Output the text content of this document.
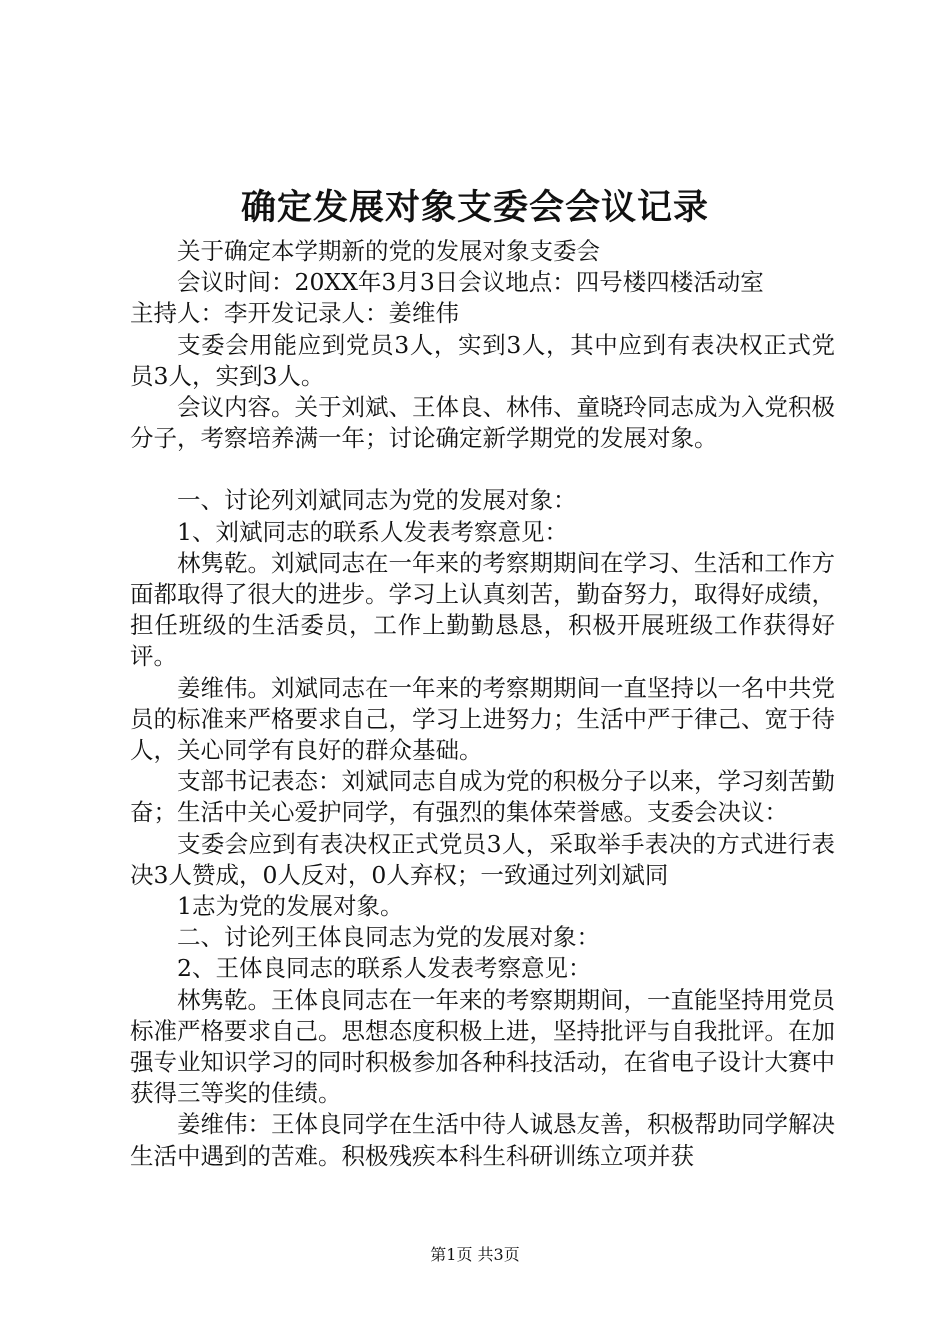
确定发展对象支委会会议记录

关于确定本学期新的党的发展对象支委会

会议时间：20XX年3月3日会议地点：四号楼四楼活动室

主持人：李开发记录人：姜维伟

支委会用能应到党员3人，实到3人，其中应到有表决权正式党员3人，实到3人。

会议内容。关于刘斌、王体良、林伟、童晓玲同志成为入党积极分子，考察培养满一年；讨论确定新学期党的发展对象。

一、讨论列刘斌同志为党的发展对象：

1、刘斌同志的联系人发表考察意见：

林隽乾。刘斌同志在一年来的考察期期间在学习、生活和工作方面都取得了很大的进步。学习上认真刻苦，勤奋努力，取得好成绩，担任班级的生活委员，工作上勤勤恳恳，积极开展班级工作获得好评。

姜维伟。刘斌同志在一年来的考察期期间一直坚持以一名中共党员的标准来严格要求自己，学习上进努力；生活中严于律己、宽于待人，关心同学有良好的群众基础。

支部书记表态：刘斌同志自成为党的积极分子以来，学习刻苦勤奋；生活中关心爱护同学，有强烈的集体荣誉感。支委会决议：

支委会应到有表决权正式党员3人，采取举手表决的方式进行表决3人赞成，0人反对，0人弃权；一致通过列刘斌同

1志为党的发展对象。

二、讨论列王体良同志为党的发展对象：

2、王体良同志的联系人发表考察意见：

林隽乾。王体良同志在一年来的考察期期间，一直能坚持用党员标准严格要求自己。思想态度积极上进，坚持批评与自我批评。在加强专业知识学习的同时积极参加各种科技活动，在省电子设计大赛中获得三等奖的佳绩。

姜维伟：王体良同学在生活中待人诚恳友善，积极帮助同学解决生活中遇到的苦难。积极残疾本科生科研训练立项并获

第1页 共3页
